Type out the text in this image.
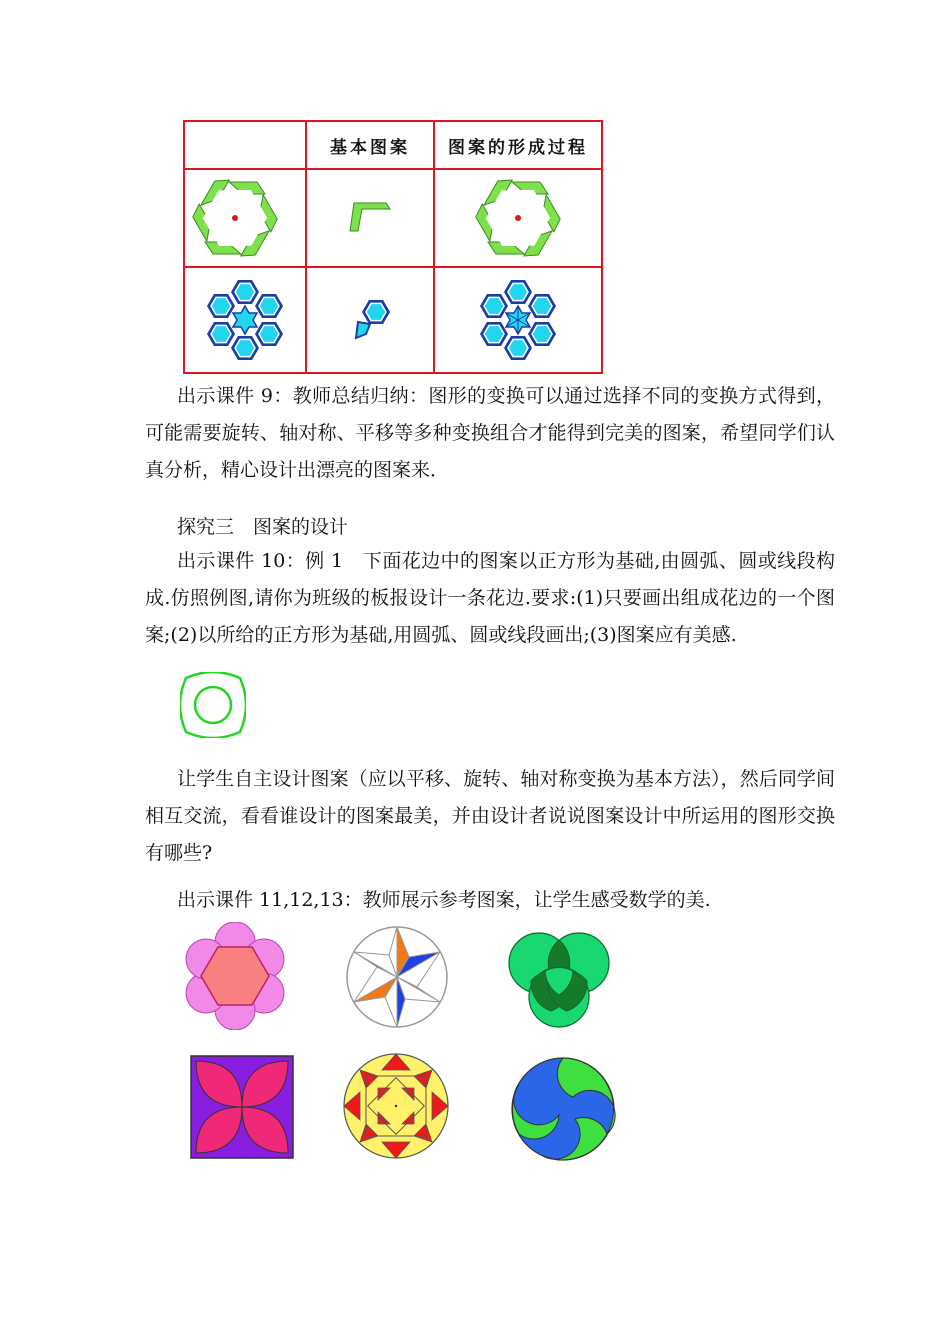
	基本图案	图案的形成过程

出示课件 9：教师总结归纳：图形的变换可以通过选择不同的变换方式得到，可能需要旋转、轴对称、平移等多种变换组合才能得到完美的图案，希望同学们认真分析，精心设计出漂亮的图案来．

探究三　图案的设计

出示课件 10：例 1　下面花边中的图案以正方形为基础,由圆弧、圆或线段构成.仿照例图,请你为班级的板报设计一条花边.要求:(1)只要画出组成花边的一个图案;(2)以所给的正方形为基础,用圆弧、圆或线段画出;(3)图案应有美感.

让学生自主设计图案（应以平移、旋转、轴对称变换为基本方法），然后同学间相互交流，看看谁设计的图案最美，并由设计者说说图案设计中所运用的图形交换有哪些?

出示课件 11,12,13：教师展示参考图案，让学生感受数学的美.
